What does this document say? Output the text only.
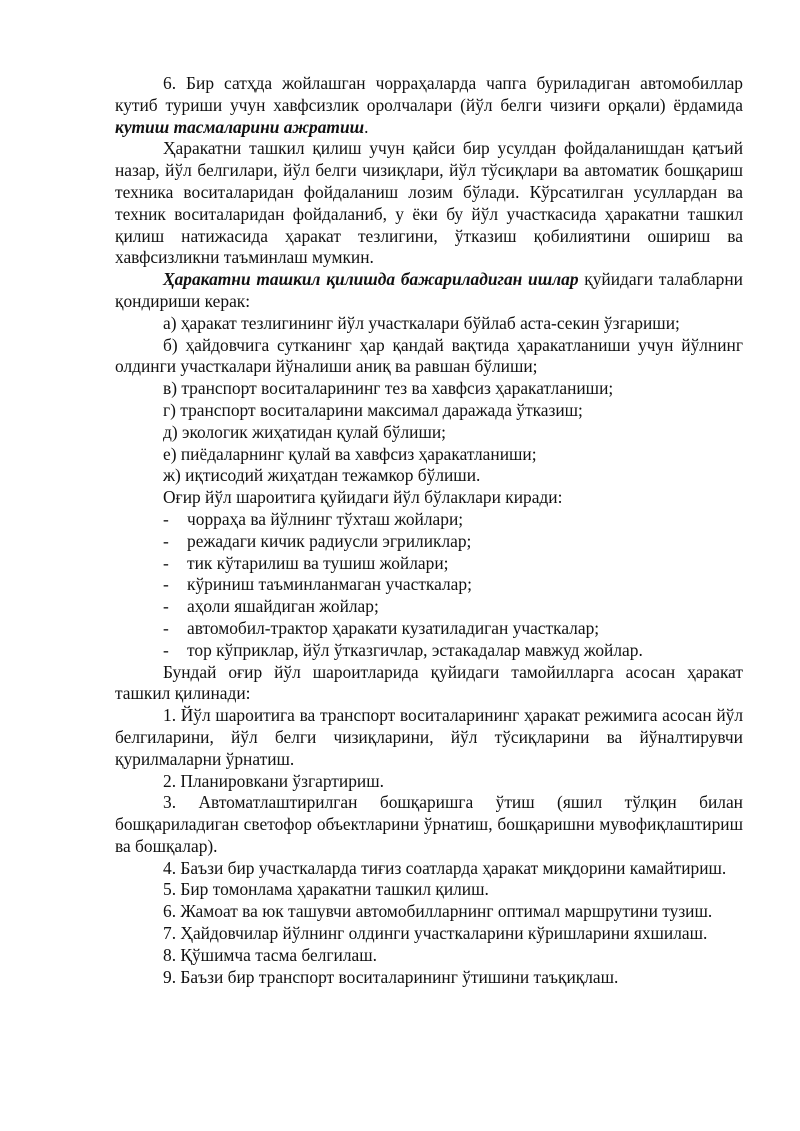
6. Бир сатҳда жойлашган чорраҳаларда чапга буриладиган автомобиллар кутиб туриши учун хавфсизлик оролчалари (йўл белги чизиғи орқали) ёрдамида кутиш тасмаларини ажратиш.

Ҳаракатни ташкил қилиш учун қайси бир усулдан фойдаланишдан қатъий назар, йўл белгилари, йўл белги чизиқлари, йўл тўсиқлари ва автоматик бошқариш техника воситаларидан фойдаланиш лозим бўлади. Кўрсатилган усуллардан ва техник воситаларидан фойдаланиб, у ёки бу йўл участкасида ҳаракатни ташкил қилиш натижасида ҳаракат тезлигини, ўтказиш қобилиятини ошириш ва хавфсизликни таъминлаш мумкин.

Ҳаракатни ташкил қилишда бажариладиган ишлар қуйидаги талабларни қондириши керак:

а) ҳаракат тезлигининг йўл участкалари бўйлаб аста-секин ўзгариши;

б) ҳайдовчига сутканинг ҳар қандай вақтида ҳаракатланиши учун йўлнинг олдинги участкалари йўналиши аниқ ва равшан бўлиши;

в) транспорт воситаларининг тез ва хавфсиз ҳаракатланиши;

г) транспорт воситаларини максимал даражада ўтказиш;

д) экологик жиҳатидан қулай бўлиши;

е) пиёдаларнинг қулай ва хавфсиз ҳаракатланиши;

ж) иқтисодий жиҳатдан тежамкор бўлиши.

Оғир йўл шароитига қуйидаги йўл бўлаклари киради:

-	чорраҳа ва йўлнинг тўхташ жойлари;
-	режадаги кичик радиусли эгриликлар;
-	тик кўтарилиш ва тушиш жойлари;
-	кўриниш таъминланмаган участкалар;
-	аҳоли яшайдиган жойлар;
-	автомобил-трактор ҳаракати кузатиладиган участкалар;
-	тор кўприклар, йўл ўтказгичлар, эстакадалар мавжуд жойлар.

Бундай оғир йўл шароитларида қуйидаги тамойилларга асосан ҳаракат ташкил қилинади:

1. Йўл шароитига ва транспорт воситаларининг ҳаракат режимига асосан йўл белгиларини, йўл белги чизиқларини, йўл тўсиқларини ва йўналтирувчи қурилмаларни ўрнатиш.

2. Планировкани ўзгартириш.

3. Автоматлаштирилган бошқаришга ўтиш (яшил тўлқин билан бошқариладиган светофор объектларини ўрнатиш, бошқаришни мувофиқлаштириш ва бошқалар).

4. Баъзи бир участкаларда тиғиз соатларда ҳаракат миқдорини камайтириш.

5. Бир томонлама ҳаракатни ташкил қилиш.

6. Жамоат ва юк ташувчи автомобилларнинг оптимал маршрутини тузиш.

7. Ҳайдовчилар йўлнинг олдинги участкаларини кўришларини яхшилаш.

8. Қўшимча тасма белгилаш.

9. Баъзи бир транспорт воситаларининг ўтишини таъқиқлаш.
